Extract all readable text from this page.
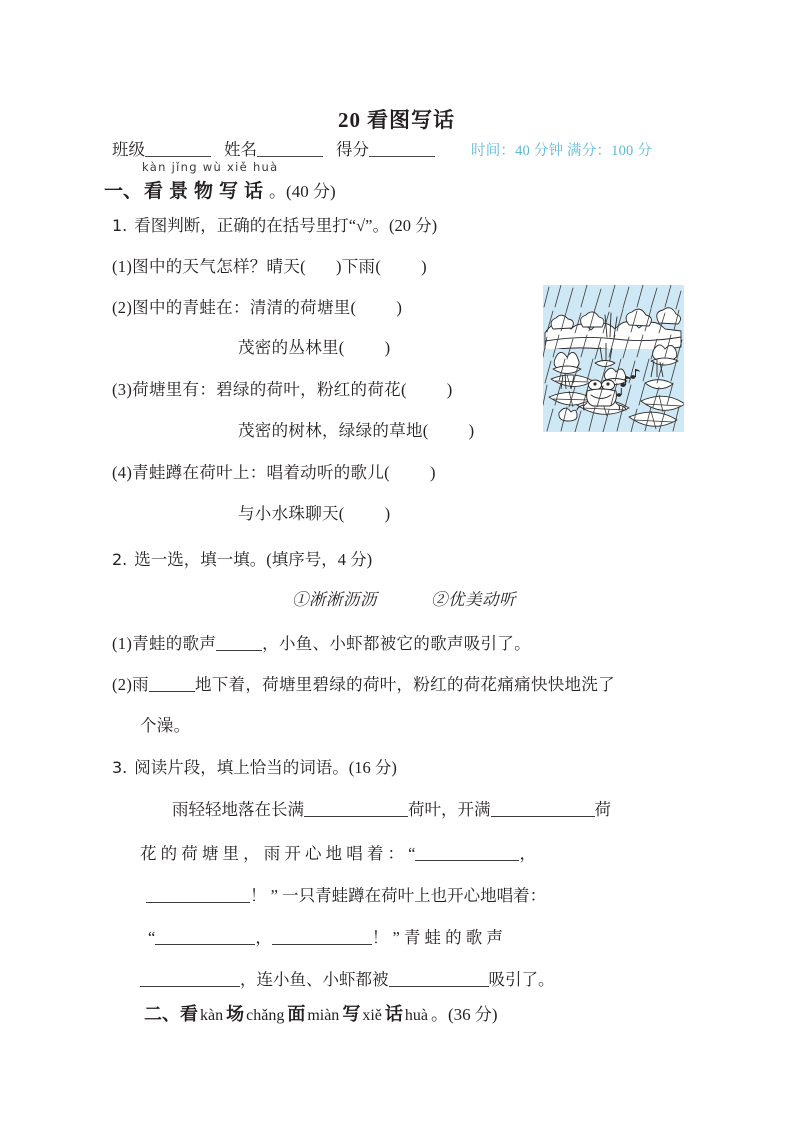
20 看图写话
班级	姓名	得分	时间：40 分钟 满分：100 分
kàn jǐng wù xiě huà
一、 看景物写话。(40 分)
1. 看图判断，正确的在括号里打“√”。(20 分)
(1)图中的天气怎样？晴天( )下雨( )
(2)图中的青蛙在：清清的荷塘里( )
茂密的丛林里( )
(3)荷塘里有：碧绿的荷叶，粉红的荷花( )
茂密的树林，绿绿的草地( )
(4)青蛙蹲在荷叶上：唱着动听的歌儿( )
与小水珠聊天( )
2. 选一选，填一填。(填序号，4 分)
①淅淅沥沥	②优美动听
(1)青蛙的歌声	，小鱼、小虾都被它的歌声吸引了。
(2)雨	地下着，荷塘里碧绿的荷叶，粉红的荷花痛痛快快地洗了
个澡。
3. 阅读片段，填上恰当的词语。(16 分)
雨轻轻地落在长满	荷叶，开满	荷
花 的 荷 塘 里 ， 雨 开 心 地 唱 着 ： “	，
！ ” 一只青蛙蹲在荷叶上也开心地唱着：
“	，	！ ” 青 蛙 的 歌 声
，连小鱼、小虾都被	吸引了。
二、看 kàn 场 chǎng 面 miàn 写 xiě 话 huà 。(36 分)
